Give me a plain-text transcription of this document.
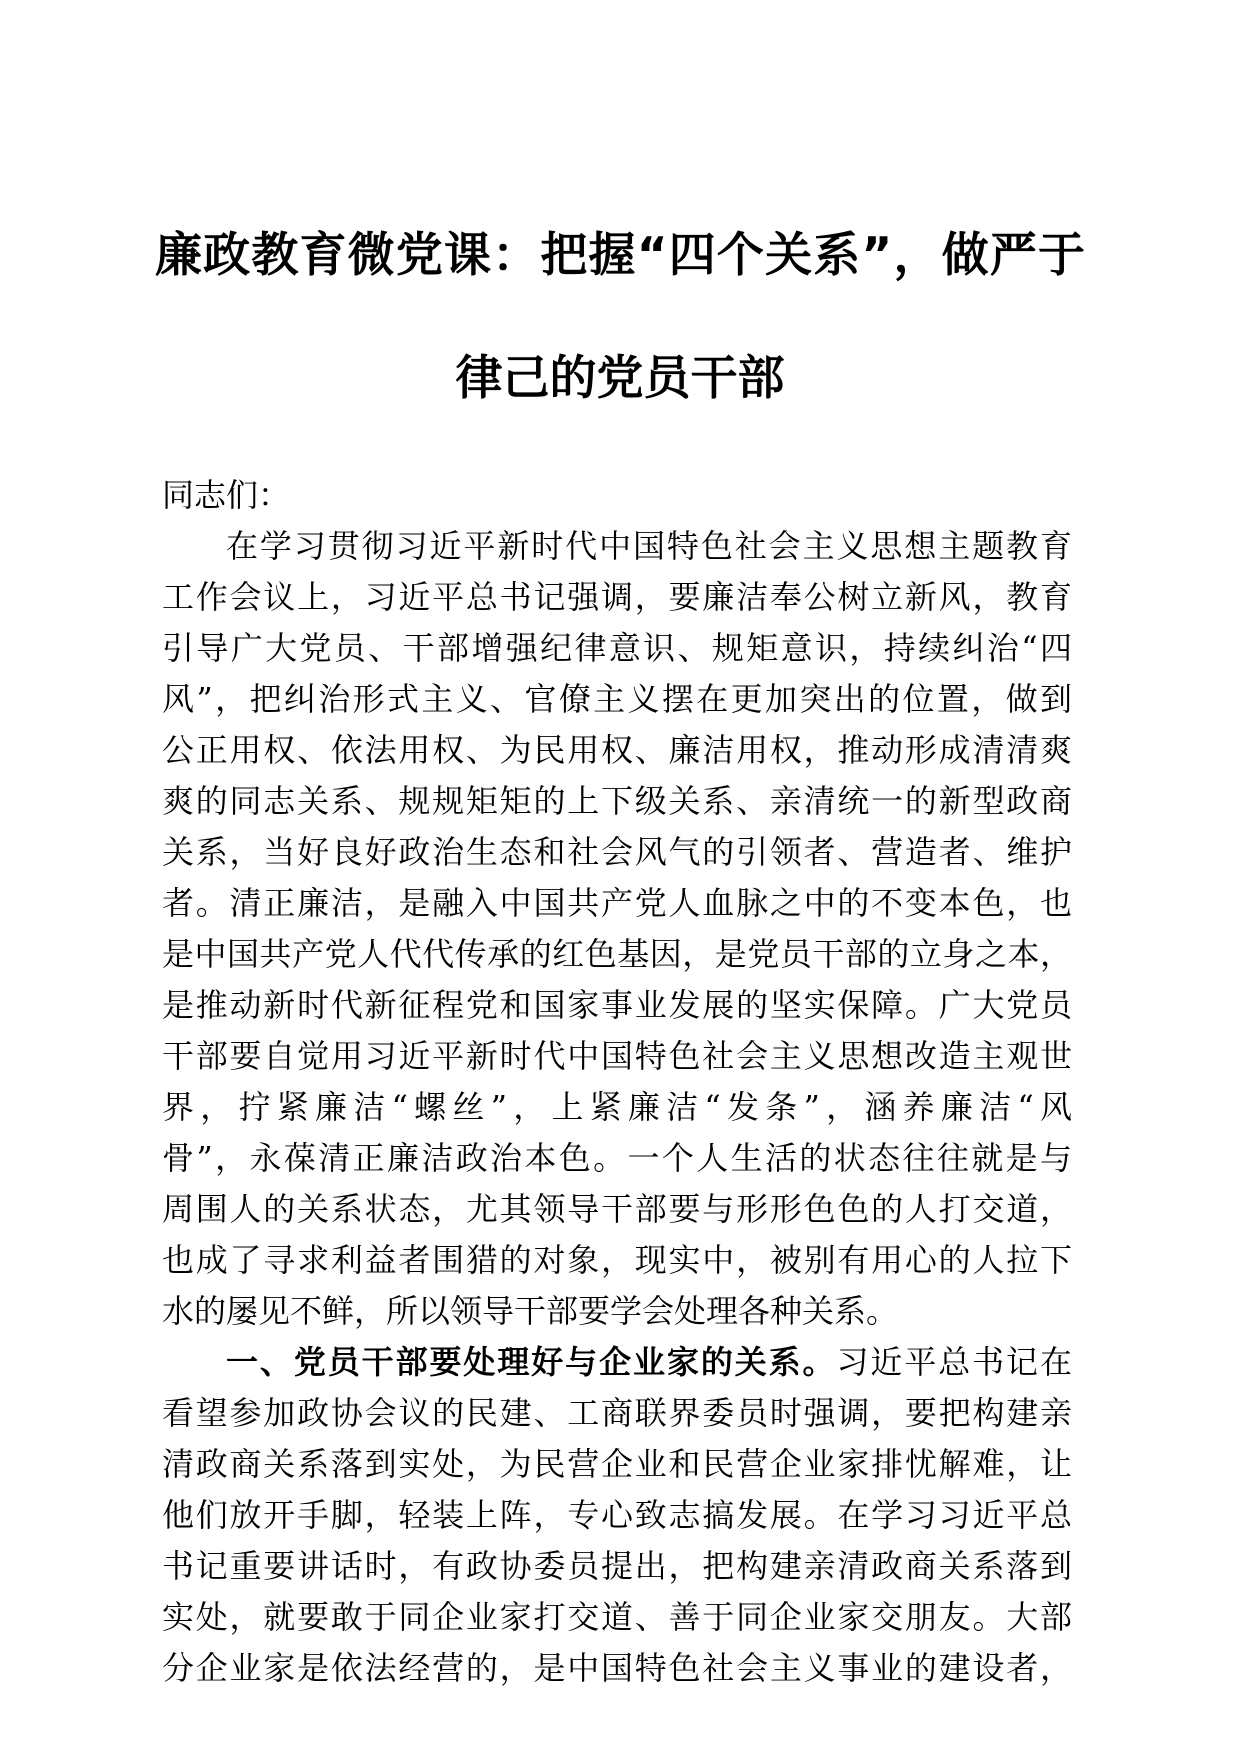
廉政教育微党课：把握“四个关系”，做严于
律己的党员干部
同志们：
在学习贯彻习近平新时代中国特色社会主义思想主题教育
工作会议上，习近平总书记强调，要廉洁奉公树立新风，教育
引导广大党员、干部增强纪律意识、规矩意识，持续纠治“四
风”，把纠治形式主义、官僚主义摆在更加突出的位置，做到
公正用权、依法用权、为民用权、廉洁用权，推动形成清清爽
爽的同志关系、规规矩矩的上下级关系、亲清统一的新型政商
关系，当好良好政治生态和社会风气的引领者、营造者、维护
者。清正廉洁，是融入中国共产党人血脉之中的不变本色，也
是中国共产党人代代传承的红色基因，是党员干部的立身之本，
是推动新时代新征程党和国家事业发展的坚实保障。广大党员
干部要自觉用习近平新时代中国特色社会主义思想改造主观世
界，拧紧廉洁“螺丝”，上紧廉洁“发条”，涵养廉洁“风
骨”，永葆清正廉洁政治本色。一个人生活的状态往往就是与
周围人的关系状态，尤其领导干部要与形形色色的人打交道，
也成了寻求利益者围猎的对象，现实中，被别有用心的人拉下
水的屡见不鲜，所以领导干部要学会处理各种关系。
一、党员干部要处理好与企业家的关系。习近平总书记在
看望参加政协会议的民建、工商联界委员时强调，要把构建亲
清政商关系落到实处，为民营企业和民营企业家排忧解难，让
他们放开手脚，轻装上阵，专心致志搞发展。在学习习近平总
书记重要讲话时，有政协委员提出，把构建亲清政商关系落到
实处，就要敢于同企业家打交道、善于同企业家交朋友。大部
分企业家是依法经营的，是中国特色社会主义事业的建设者，
